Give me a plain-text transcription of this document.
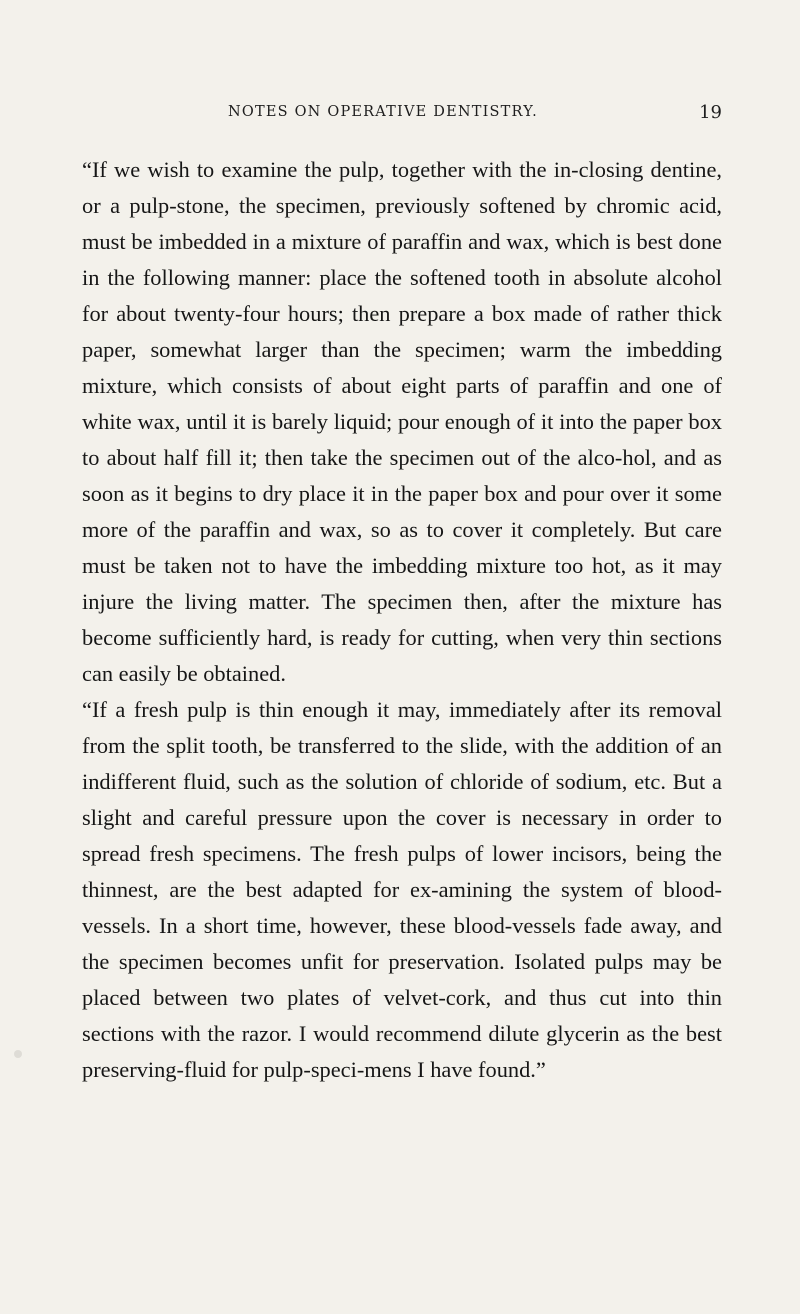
NOTES ON OPERATIVE DENTISTRY.	19

“If we wish to examine the pulp, together with the in-closing dentine, or a pulp-stone, the specimen, previously softened by chromic acid, must be imbedded in a mixture of paraffin and wax, which is best done in the following manner: place the softened tooth in absolute alcohol for about twenty-four hours; then prepare a box made of rather thick paper, somewhat larger than the specimen; warm the imbedding mixture, which consists of about eight parts of paraffin and one of white wax, until it is barely liquid; pour enough of it into the paper box to about half fill it; then take the specimen out of the alco-hol, and as soon as it begins to dry place it in the paper box and pour over it some more of the paraffin and wax, so as to cover it completely. But care must be taken not to have the imbedding mixture too hot, as it may injure the living matter. The specimen then, after the mixture has become sufficiently hard, is ready for cutting, when very thin sections can easily be obtained.

“If a fresh pulp is thin enough it may, immediately after its removal from the split tooth, be transferred to the slide, with the addition of an indifferent fluid, such as the solution of chloride of sodium, etc. But a slight and careful pressure upon the cover is necessary in order to spread fresh specimens. The fresh pulps of lower incisors, being the thinnest, are the best adapted for ex-amining the system of blood-vessels. In a short time, however, these blood-vessels fade away, and the specimen becomes unfit for preservation. Isolated pulps may be placed between two plates of velvet-cork, and thus cut into thin sections with the razor. I would recommend dilute glycerin as the best preserving-fluid for pulp-speci-mens I have found.”
